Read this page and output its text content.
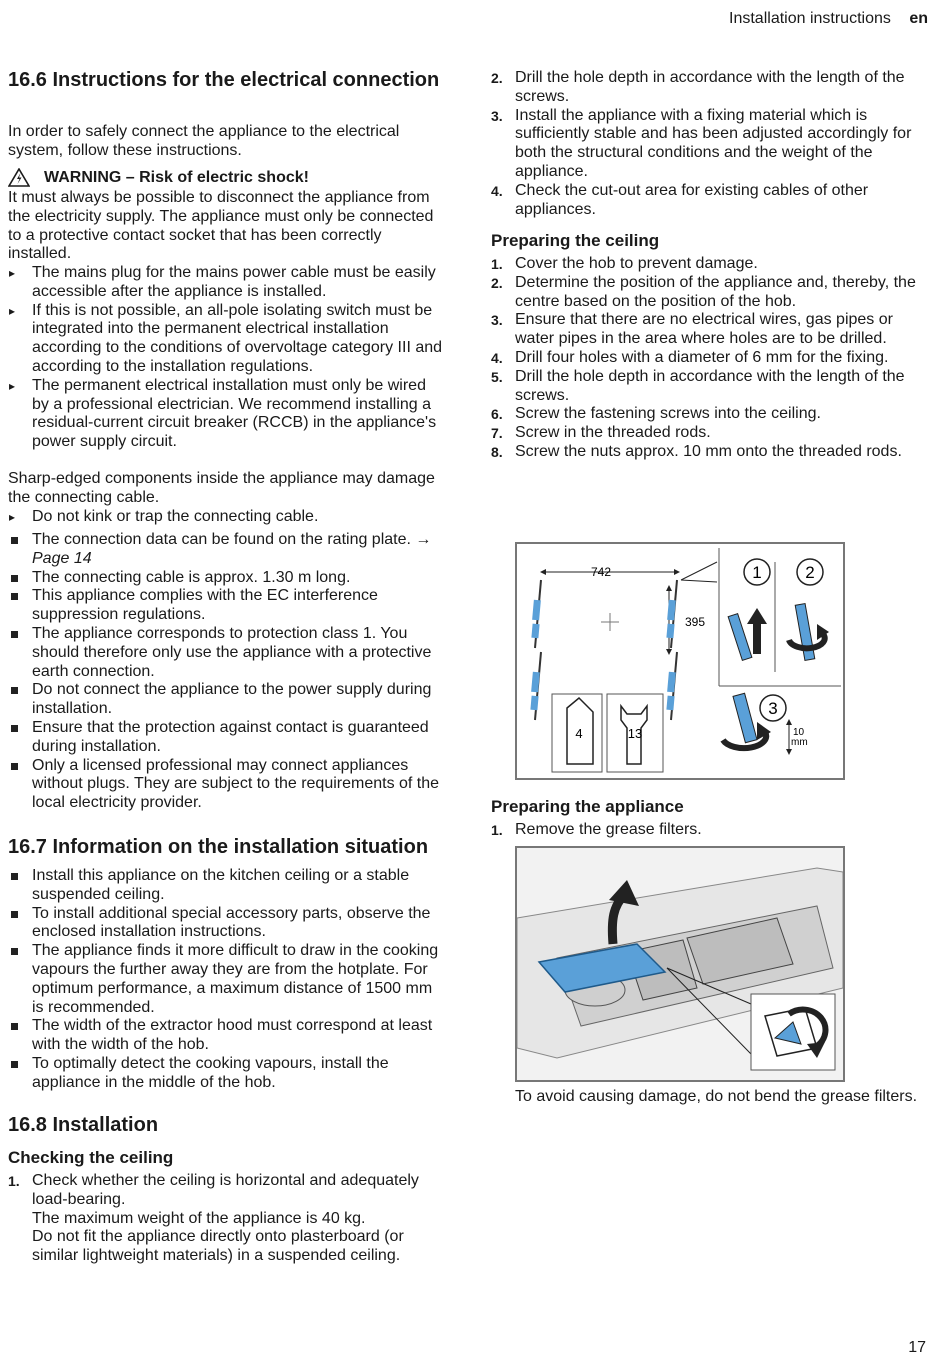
Installation instructions en
16.6 Instructions for the electrical connection

In order to safely connect the appliance to the electrical system, follow these instructions.

WARNING – Risk of electric shock!

It must always be possible to disconnect the appliance from the electricity supply. The appliance must only be connected to a protective contact socket that has been correctly installed.

▸ The mains plug for the mains power cable must be easily accessible after the appliance is installed.
▸ If this is not possible, an all-pole isolating switch must be integrated into the permanent electrical installation according to the conditions of overvoltage category III and according to the installation regulations.
▸ The permanent electrical installation must only be wired by a professional electrician. We recommend installing a residual-current circuit breaker (RCCB) in the appliance's power supply circuit.

Sharp-edged components inside the appliance may damage the connecting cable.

▸ Do not kink or trap the connecting cable.
The connection data can be found on the rating plate. → Page 14
The connecting cable is approx. 1.30 m long.
This appliance complies with the EC interference suppression regulations.
The appliance corresponds to protection class 1. You should therefore only use the appliance with a protective earth connection.
Do not connect the appliance to the power supply during installation.
Ensure that the protection against contact is guaranteed during installation.
Only a licensed professional may connect appliances without plugs. They are subject to the requirements of the local electricity provider.
16.7 Information on the installation situation
Install this appliance on the kitchen ceiling or a stable suspended ceiling.
To install additional special accessory parts, observe the enclosed installation instructions.
The appliance finds it more difficult to draw in the cooking vapours the further away they are from the hotplate. For optimum performance, a maximum distance of 1500 mm is recommended.
The width of the extractor hood must correspond at least with the width of the hob.
To optimally detect the cooking vapours, install the appliance in the middle of the hob.
16.8 Installation
Checking the ceiling
1. Check whether the ceiling is horizontal and adequately load-bearing.
The maximum weight of the appliance is 40 kg.
Do not fit the appliance directly onto plasterboard (or similar lightweight materials) in a suspended ceiling.
2. Drill the hole depth in accordance with the length of the screws.
3. Install the appliance with a fixing material which is sufficiently stable and has been adjusted accordingly for both the structural conditions and the weight of the appliance.
4. Check the cut-out area for existing cables of other appliances.
Preparing the ceiling
1. Cover the hob to prevent damage.
2. Determine the position of the appliance and, thereby, the centre based on the position of the hob.
3. Ensure that there are no electrical wires, gas pipes or water pipes in the area where holes are to be drilled.
4. Drill four holes with a diameter of 6 mm for the fixing.
5. Drill the hole depth in accordance with the length of the screws.
6. Screw the fastening screws into the ceiling.
7. Screw in the threaded rods.
8. Screw the nuts approx. 10 mm onto the threaded rods.
742
395
1	2
3
10
mm
4	13
Preparing the appliance
1. Remove the grease filters.

To avoid causing damage, do not bend the grease filters.

17
